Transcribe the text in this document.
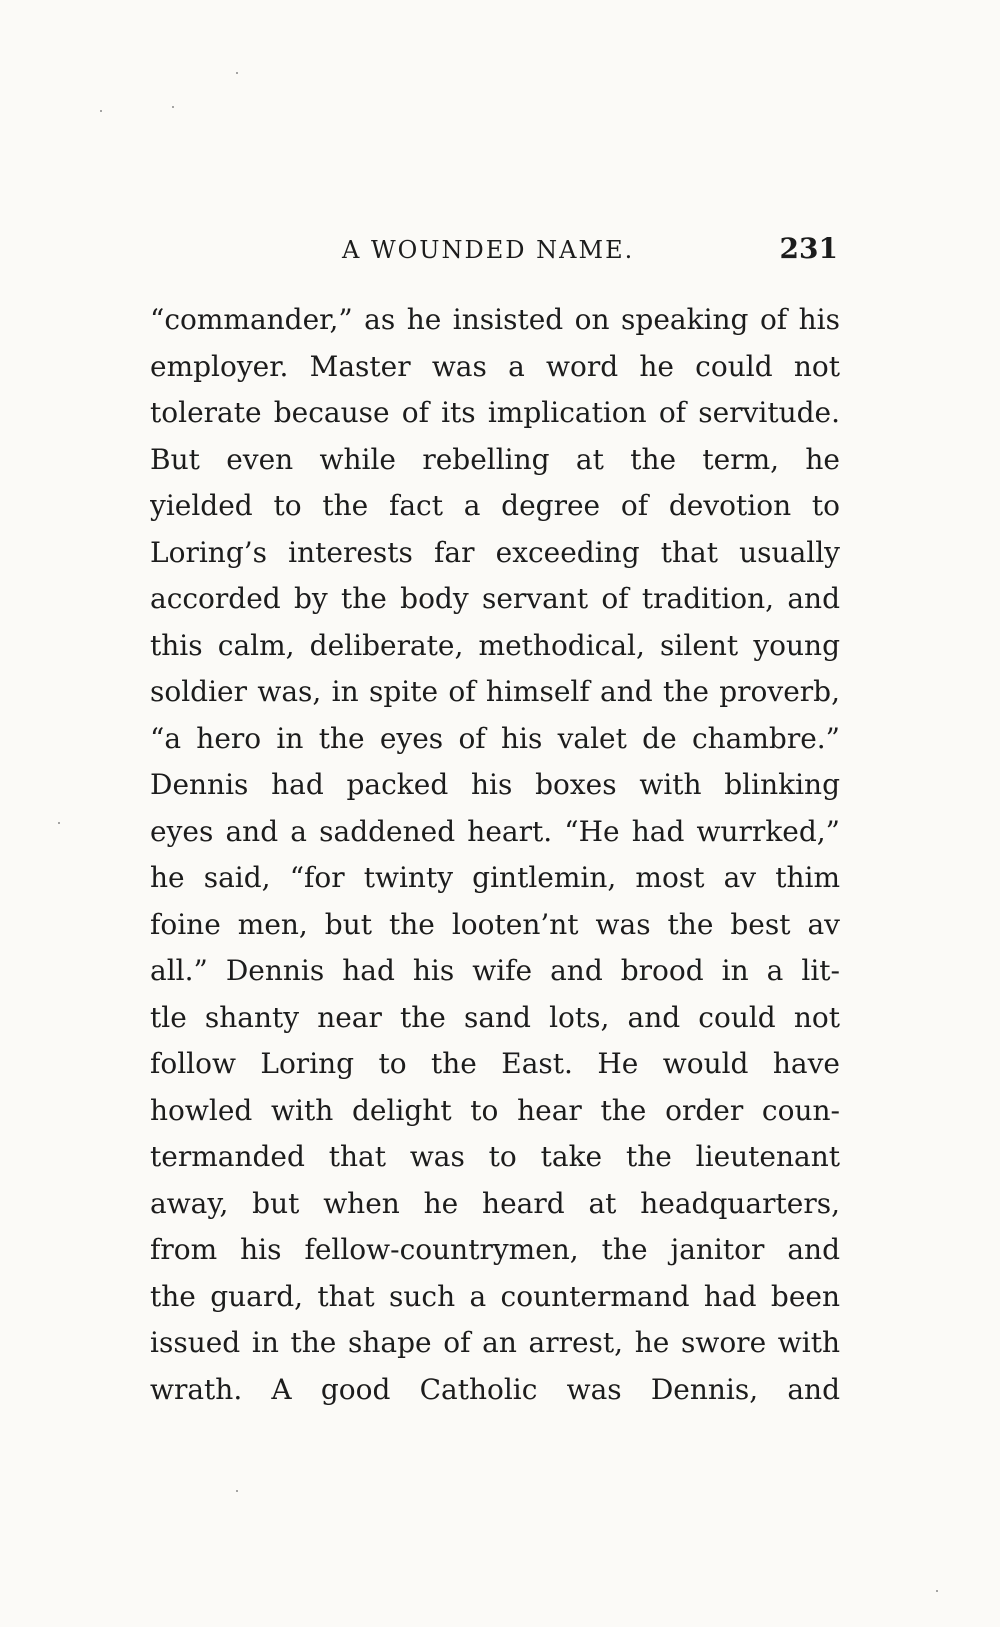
A WOUNDED NAME.	231
“commander,” as he insisted on speaking of his
employer. Master was a word he could not
tolerate because of its implication of servitude.
But even while rebelling at the term, he
yielded to the fact a degree of devotion to
Loring’s interests far exceeding that usually
accorded by the body servant of tradition, and
this calm, deliberate, methodical, silent young
soldier was, in spite of himself and the proverb,
“a hero in the eyes of his valet de chambre.”
Dennis had packed his boxes with blinking
eyes and a saddened heart. “He had wurrked,”
he said, “for twinty gintlemin, most av thim
foine men, but the looten’nt was the best av
all.” Dennis had his wife and brood in a lit-
tle shanty near the sand lots, and could not
follow Loring to the East. He would have
howled with delight to hear the order coun-
termanded that was to take the lieutenant
away, but when he heard at headquarters,
from his fellow-countrymen, the janitor and
the guard, that such a countermand had been
issued in the shape of an arrest, he swore with
wrath. A good Catholic was Dennis, and
